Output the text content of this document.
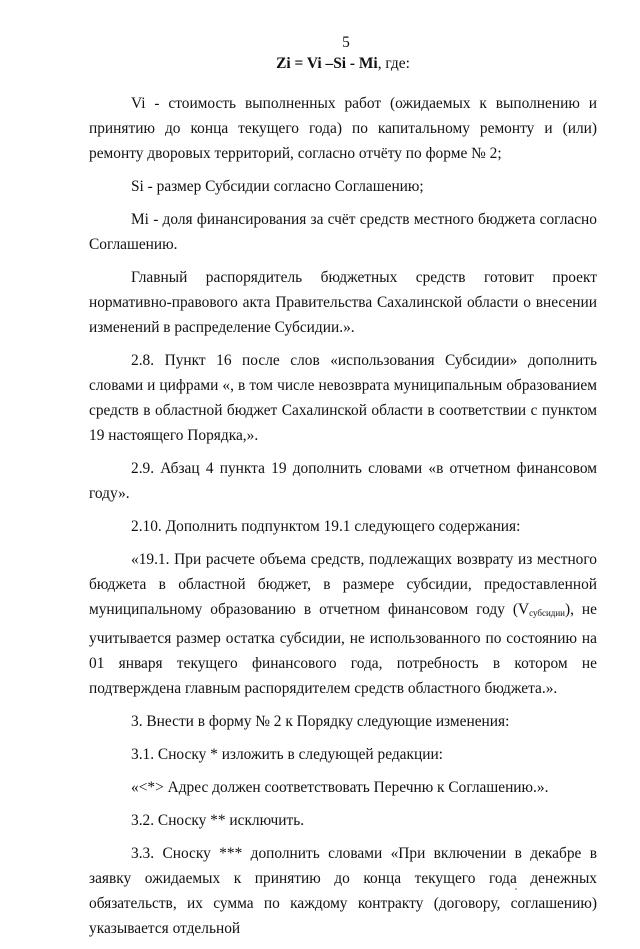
5
Zi = Vi –Si - Mi, где:

Vi - стоимость выполненных работ (ожидаемых к выполнению и принятию до конца текущего года) по капитальному ремонту и (или) ремонту дворовых территорий, согласно отчёту по форме № 2;

Si - размер Субсидии согласно Соглашению;

Mi - доля финансирования за счёт средств местного бюджета согласно Соглашению.

Главный распорядитель бюджетных средств готовит проект нормативно-правового акта Правительства Сахалинской области о внесении изменений в распределение Субсидии.».

2.8. Пункт 16 после слов «использования Субсидии» дополнить словами и цифрами «, в том числе невозврата муниципальным образованием средств в областной бюджет Сахалинской области в соответствии с пунктом 19 настоящего Порядка,».

2.9. Абзац 4 пункта 19 дополнить словами «в отчетном финансовом году».

2.10. Дополнить подпунктом 19.1 следующего содержания:

«19.1. При расчете объема средств, подлежащих возврату из местного бюджета в областной бюджет, в размере субсидии, предоставленной муниципальному образованию в отчетном финансовом году $(V_{субсидии})$, не учитывается размер остатка субсидии, не использованного по состоянию на 01 января текущего финансового года, потребность в котором не подтверждена главным распорядителем средств областного бюджета.».

3. Внести в форму № 2 к Порядку следующие изменения:

3.1. Сноску * изложить в следующей редакции:

«<*> Адрес должен соответствовать Перечню к Соглашению.».

3.2. Сноску ** исключить.

3.3. Сноску *** дополнить словами «При включении в декабре в заявку ожидаемых к принятию до конца текущего года денежных обязательств, их сумма по каждому контракту (договору, соглашению) указывается отдельной
